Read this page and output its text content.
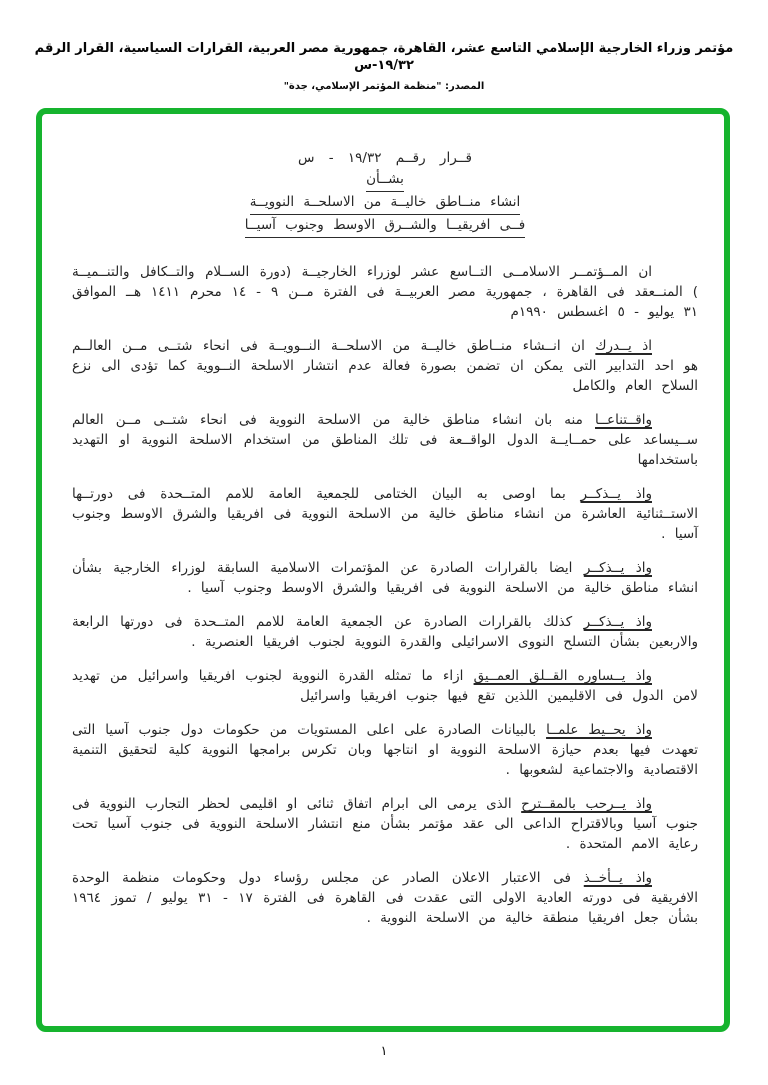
مؤتمر وزراء الخارجية الإسلامي التاسع عشر، القاهرة، جمهورية مصر العربية، القرارات السياسية، القرار الرقم ١٩/٣٢-س
المصدر: "منظمة المؤتمر الإسلامي، جدة"
قــرار رقــم ١٩/٣٢ - س
بشــأن
انشاء منــاطق خاليــة من الاسلحــة النوويــة
فــى افريقيــا والشــرق الاوسط وجنوب آسيــا

ان المــؤتمــر الاسلامــى التــاسع عشر لوزراء الخارجيــة (دورة الســلام والتــكافل والتنــميــة ) المنــعقد فى القاهرة ، جمهورية مصر العربيــة فى الفترة مــن ٩ - ١٤ محرم ١٤١١ هــ الموافق ٣١ يوليو - ٥ اغسطس ١٩٩٠م

اذ يــدرك ان انــشاء منــاطق خاليــة من الاسلحــة النــوويــة فى انحاء شتــى مــن العالــم هو احد التدابير التى يمكن ان تضمن بصورة فعالة عدم انتشار الاسلحة النــووية كما تؤدى الى نزع السلاح العام والكامل

واقــتناعــا منه بان انشاء مناطق خالية من الاسلحة النووية فى انحاء شتــى مــن العالم ســيساعد على حمــايــة الدول الواقــعة فى تلك المناطق من استخدام الاسلحة النووية او التهديد باستخدامها

واذ يــذكــر بما اوصى به البيان الختامى للجمعية العامة للامم المتــحدة فى دورتــها الاستــثنائية العاشرة من انشاء مناطق خالية من الاسلحة النووية فى افريقيا والشرق الاوسط وجنوب آسيا .

واذ يــذكــر ايضا بالقرارات الصادرة عن المؤتمرات الاسلامية السابقة لوزراء الخارجية بشأن انشاء مناطق خالية من الاسلحة النووية فى افريقيا والشرق الاوسط وجنوب آسيا .

واذ يــذكــر كذلك بالقرارات الصادرة عن الجمعية العامة للامم المتــحدة فى دورتها الرابعة والاربعين بشأن التسلح النووى الاسرائيلى والقدرة النووية لجنوب افريقيا العنصرية .

واذ يــساوره القــلق العمــيق ازاء ما تمثله القدرة النووية لجنوب افريقيا واسرائيل من تهديد لامن الدول فى الاقليمين اللذين تقع فيها جنوب افريقيا واسرائيل

واذ يحــيط علمــا بالبيانات الصادرة على اعلى المستويات من حكومات دول جنوب آسيا التى تعهدت فيها بعدم حيازة الاسلحة النووية او انتاجها وبان تكرس برامجها النووية كلية لتحقيق التنمية الاقتصادية والاجتماعية لشعوبها .

واذ يــرحب بالمقــترح الذى يرمى الى ابرام اتفاق ثنائى او اقليمى لحظر التجارب النووية فى جنوب آسيا وبالاقتراح الداعى الى عقد مؤتمر بشأن منع انتشار الاسلحة النووية فى جنوب آسيا تحت رعاية الامم المتحدة .

واذ يــأخــذ فى الاعتبار الاعلان الصادر عن مجلس رؤساء دول وحكومات منظمة الوحدة الافريقية فى دورته العادية الاولى التى عقدت فى القاهرة فى الفترة ١٧ - ٣١ يوليو / تموز ١٩٦٤ بشأن جعل افريقيا منطقة خالية من الاسلحة النووية .

١
